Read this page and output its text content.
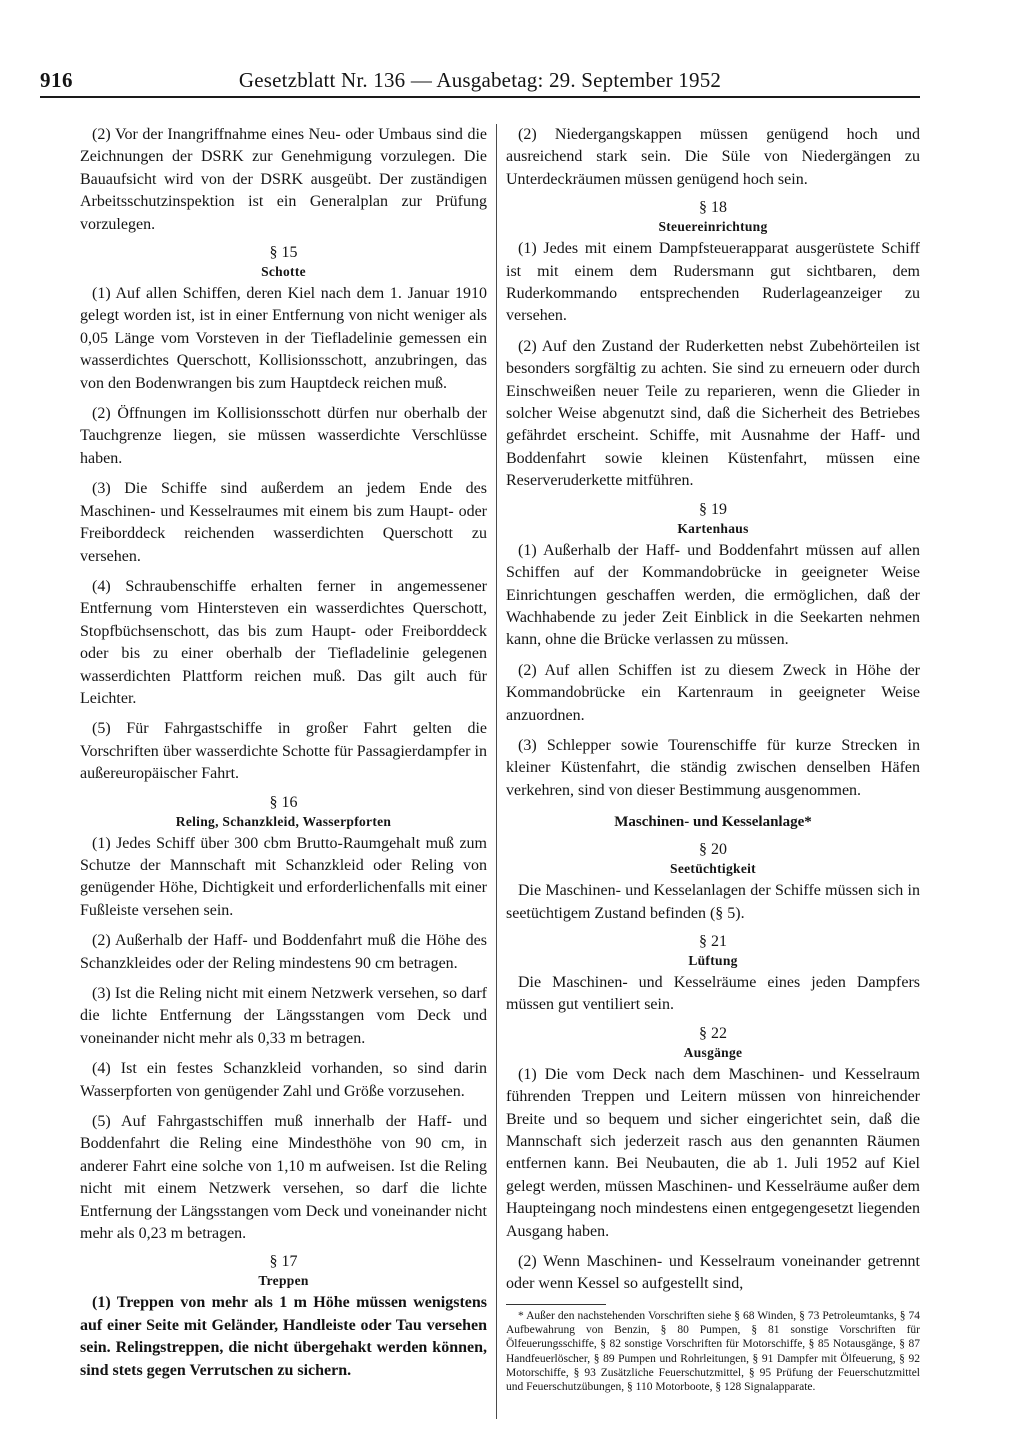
916	Gesetzblatt Nr. 136 — Ausgabetag: 29. September 1952

(2) Vor der Inangriffnahme eines Neu- oder Umbaus sind die Zeichnungen der DSRK zur Genehmigung vorzulegen. Die Bauaufsicht wird von der DSRK ausgeübt. Der zuständigen Arbeitsschutzinspektion ist ein Generalplan zur Prüfung vorzulegen.

§ 15

Schotte

(1) Auf allen Schiffen, deren Kiel nach dem 1. Januar 1910 gelegt worden ist, ist in einer Entfernung von nicht weniger als 0,05 Länge vom Vorsteven in der Tiefladelinie gemessen ein wasserdichtes Querschott, Kollisionsschott, anzubringen, das von den Bodenwrangen bis zum Hauptdeck reichen muß.

(2) Öffnungen im Kollisionsschott dürfen nur oberhalb der Tauchgrenze liegen, sie müssen wasserdichte Verschlüsse haben.

(3) Die Schiffe sind außerdem an jedem Ende des Maschinen- und Kesselraumes mit einem bis zum Haupt- oder Freiborddeck reichenden wasserdichten Querschott zu versehen.

(4) Schraubenschiffe erhalten ferner in angemessener Entfernung vom Hintersteven ein wasserdichtes Querschott, Stopfbüchsenschott, das bis zum Haupt- oder Freiborddeck oder bis zu einer oberhalb der Tiefladelinie gelegenen wasserdichten Plattform reichen muß. Das gilt auch für Leichter.

(5) Für Fahrgastschiffe in großer Fahrt gelten die Vorschriften über wasserdichte Schotte für Passagierdampfer in außereuropäischer Fahrt.

§ 16

Reling, Schanzkleid, Wasserpforten

(1) Jedes Schiff über 300 cbm Brutto-Raumgehalt muß zum Schutze der Mannschaft mit Schanzkleid oder Reling von genügender Höhe, Dichtigkeit und erforderlichenfalls mit einer Fußleiste versehen sein.

(2) Außerhalb der Haff- und Boddenfahrt muß die Höhe des Schanzkleides oder der Reling mindestens 90 cm betragen.

(3) Ist die Reling nicht mit einem Netzwerk versehen, so darf die lichte Entfernung der Längsstangen vom Deck und voneinander nicht mehr als 0,33 m betragen.

(4) Ist ein festes Schanzkleid vorhanden, so sind darin Wasserpforten von genügender Zahl und Größe vorzusehen.

(5) Auf Fahrgastschiffen muß innerhalb der Haff- und Boddenfahrt die Reling eine Mindesthöhe von 90 cm, in anderer Fahrt eine solche von 1,10 m aufweisen. Ist die Reling nicht mit einem Netzwerk versehen, so darf die lichte Entfernung der Längsstangen vom Deck und voneinander nicht mehr als 0,23 m betragen.

§ 17

Treppen

(1) Treppen von mehr als 1 m Höhe müssen wenigstens auf einer Seite mit Geländer, Handleiste oder Tau versehen sein. Relingstreppen, die nicht übergehakt werden können, sind stets gegen Verrutschen zu sichern.

(2) Niedergangskappen müssen genügend hoch und ausreichend stark sein. Die Süle von Niedergängen zu Unterdeckräumen müssen genügend hoch sein.

§ 18

Steuereinrichtung

(1) Jedes mit einem Dampfsteuerapparat ausgerüstete Schiff ist mit einem dem Rudersmann gut sichtbaren, dem Ruderkommando entsprechenden Ruderlageanzeiger zu versehen.

(2) Auf den Zustand der Ruderketten nebst Zubehörteilen ist besonders sorgfältig zu achten. Sie sind zu erneuern oder durch Einschweißen neuer Teile zu reparieren, wenn die Glieder in solcher Weise abgenutzt sind, daß die Sicherheit des Betriebes gefährdet erscheint. Schiffe, mit Ausnahme der Haff- und Boddenfahrt sowie kleinen Küstenfahrt, müssen eine Reserveruderkette mitführen.

§ 19

Kartenhaus

(1) Außerhalb der Haff- und Boddenfahrt müssen auf allen Schiffen auf der Kommandobrücke in geeigneter Weise Einrichtungen geschaffen werden, die ermöglichen, daß der Wachhabende zu jeder Zeit Einblick in die Seekarten nehmen kann, ohne die Brücke verlassen zu müssen.

(2) Auf allen Schiffen ist zu diesem Zweck in Höhe der Kommandobrücke ein Kartenraum in geeigneter Weise anzuordnen.

(3) Schlepper sowie Tourenschiffe für kurze Strecken in kleiner Küstenfahrt, die ständig zwischen denselben Häfen verkehren, sind von dieser Bestimmung ausgenommen.

Maschinen- und Kesselanlage*

§ 20

Seetüchtigkeit

Die Maschinen- und Kesselanlagen der Schiffe müssen sich in seetüchtigem Zustand befinden (§ 5).

§ 21

Lüftung

Die Maschinen- und Kesselräume eines jeden Dampfers müssen gut ventiliert sein.

§ 22

Ausgänge

(1) Die vom Deck nach dem Maschinen- und Kesselraum führenden Treppen und Leitern müssen von hinreichender Breite und so bequem und sicher eingerichtet sein, daß die Mannschaft sich jederzeit rasch aus den genannten Räumen entfernen kann. Bei Neubauten, die ab 1. Juli 1952 auf Kiel gelegt werden, müssen Maschinen- und Kesselräume außer dem Haupteingang noch mindestens einen entgegengesetzt liegenden Ausgang haben.

(2) Wenn Maschinen- und Kesselraum voneinander getrennt oder wenn Kessel so aufgestellt sind,

* Außer den nachstehenden Vorschriften siehe § 68 Winden, § 73 Petroleumtanks, § 74 Aufbewahrung von Benzin, § 80 Pumpen, § 81 sonstige Vorschriften für Ölfeuerungsschiffe, § 82 sonstige Vorschriften für Motorschiffe, § 85 Notausgänge, § 87 Handfeuerlöscher, § 89 Pumpen und Rohrleitungen, § 91 Dampfer mit Ölfeuerung, § 92 Motorschiffe, § 93 Zusätzliche Feuerschutzmittel, § 95 Prüfung der Feuerschutzmittel und Feuerschutzübungen, § 110 Motorboote, § 128 Signalapparate.
